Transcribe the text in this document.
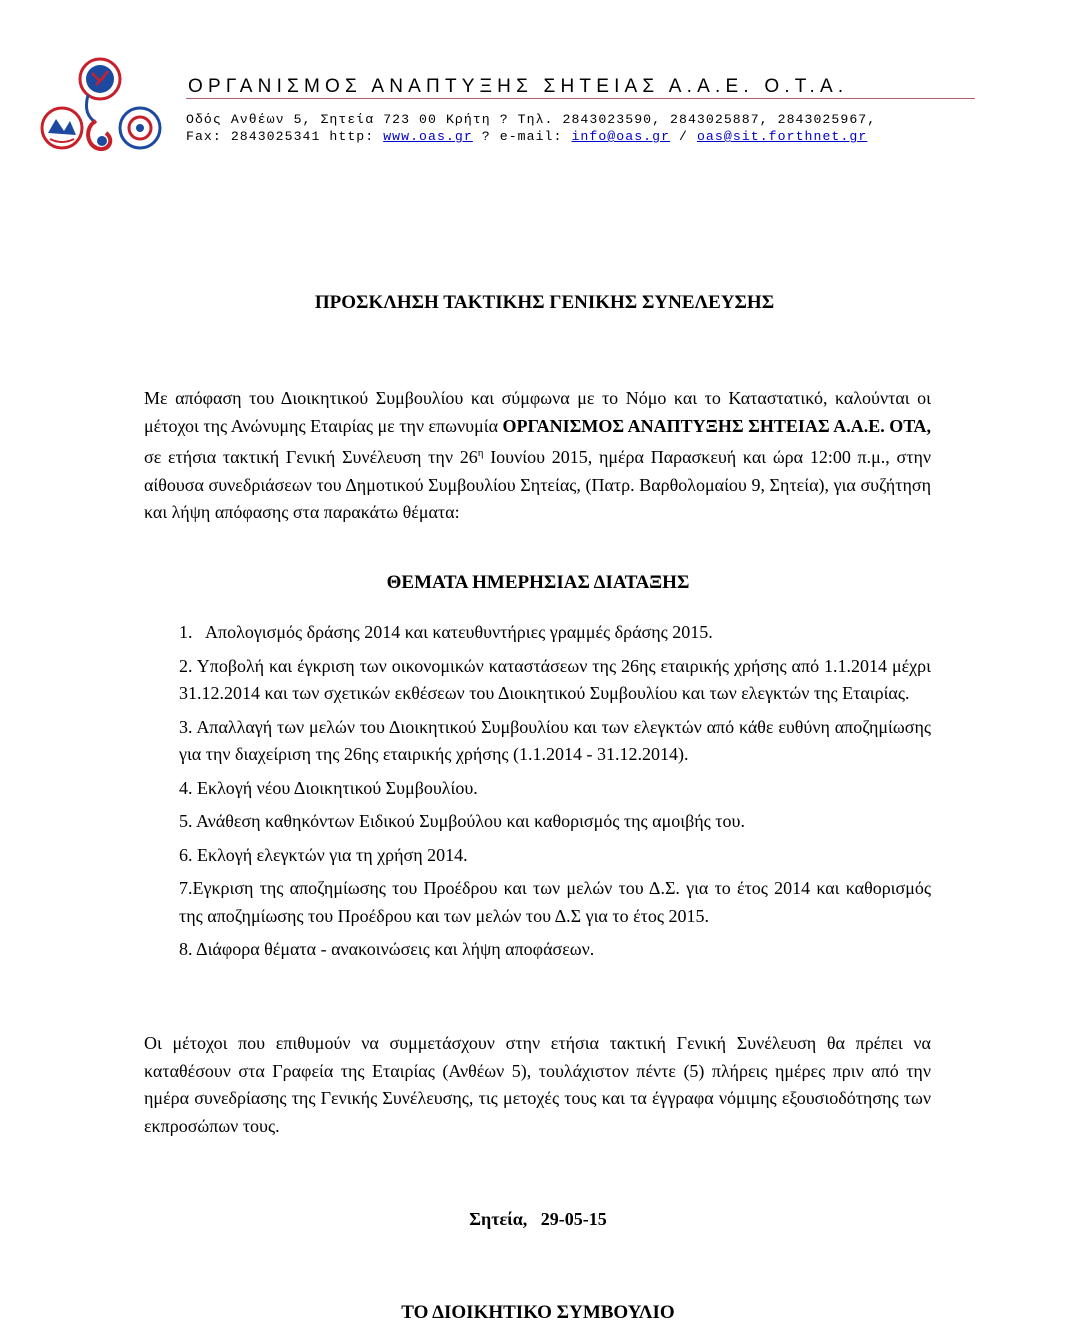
ΟΡΓΑΝΙΣΜΟΣ ΑΝΑΠΤΥΞΗΣ ΣΗΤΕΙΑΣ Α.Α.Ε. Ο.Τ.Α.
Οδός Ανθέων 5, Σητεία 723 00 Κρήτη ? Τηλ. 2843023590, 2843025887, 2843025967,
Fax: 2843025341 http: www.oas.gr ? e-mail: info@oas.gr / oas@sit.forthnet.gr
ΠΡΟΣΚΛΗΣΗ ΤΑΚΤΙΚΗΣ ΓΕΝΙΚΗΣ ΣΥΝΕΛΕΥΣΗΣ
Με απόφαση του Διοικητικού Συμβουλίου και σύμφωνα με το Νόμο και το Καταστατικό, καλούνται οι μέτοχοι της Ανώνυμης Εταιρίας με την επωνυμία ΟΡΓΑΝΙΣΜΟΣ ΑΝΑΠΤΥΞΗΣ ΣΗΤΕΙΑΣ Α.Α.Ε. ΟΤΑ, σε ετήσια τακτική Γενική Συνέλευση την $26^\eta$ Ιουνίου 2015, ημέρα Παρασκευή και ώρα 12:00 π.μ., στην αίθουσα συνεδριάσεων του Δημοτικού Συμβουλίου Σητείας, (Πατρ. Βαρθολομαίου 9, Σητεία), για συζήτηση και λήψη απόφασης στα παρακάτω θέματα:
ΘΕΜΑΤΑ ΗΜΕΡΗΣΙΑΣ ΔΙΑΤΑΞΗΣ
1.   Απολογισμός δράσης 2014 και κατευθυντήριες γραμμές δράσης 2015.
2. Υποβολή και έγκριση των οικονομικών καταστάσεων της 26ης εταιρικής χρήσης από 1.1.2014 μέχρι 31.12.2014 και των σχετικών εκθέσεων του Διοικητικού Συμβουλίου και των ελεγκτών της Εταιρίας.
3. Απαλλαγή των μελών του Διοικητικού Συμβουλίου και των ελεγκτών από κάθε ευθύνη αποζημίωσης για την διαχείριση της 26ης εταιρικής χρήσης (1.1.2014 - 31.12.2014).
4. Εκλογή νέου Διοικητικού Συμβουλίου.
5. Ανάθεση καθηκόντων Ειδικού Συμβούλου και καθορισμός της αμοιβής του.
6. Εκλογή ελεγκτών για τη χρήση 2014.
7.Εγκριση της αποζημίωσης του Προέδρου και των μελών του Δ.Σ. για το έτος 2014 και καθορισμός της αποζημίωσης του Προέδρου και των μελών του Δ.Σ για το έτος 2015.
8. Διάφορα θέματα - ανακοινώσεις και λήψη αποφάσεων.
Οι μέτοχοι που επιθυμούν να συμμετάσχουν στην ετήσια τακτική Γενική Συνέλευση θα πρέπει να καταθέσουν στα Γραφεία της Εταιρίας (Ανθέων 5), τουλάχιστον πέντε (5) πλήρεις ημέρες πριν από την ημέρα συνεδρίασης της Γενικής Συνέλευσης, τις μετοχές τους και τα έγγραφα νόμιμης εξουσιοδότησης των εκπροσώπων τους.
Σητεία,   29-05-15
ΤΟ ΔΙΟΙΚΗΤΙΚΟ ΣΥΜΒΟΥΛΙΟ
